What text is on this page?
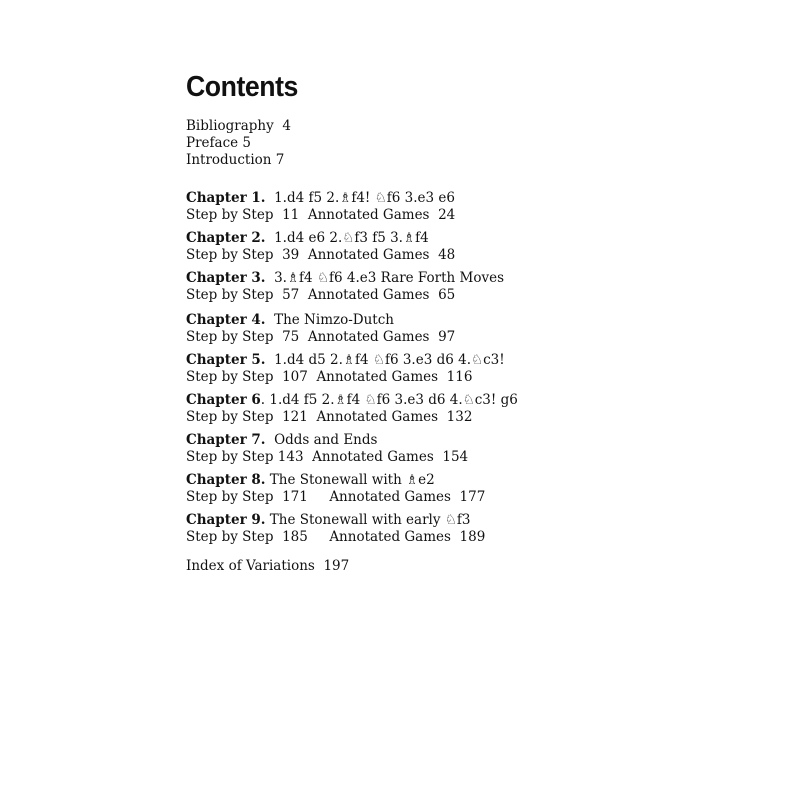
Contents
Bibliography 4
Preface 5
Introduction 7
Chapter 1. 1.d4 f5 2.♗f4! ♘f6 3.e3 e6
Step by Step 11 Annotated Games 24
Chapter 2. 1.d4 e6 2.♘f3 f5 3.♗f4
Step by Step 39 Annotated Games 48
Chapter 3. 3.♗f4 ♘f6 4.e3 Rare Forth Moves
Step by Step 57 Annotated Games 65
Chapter 4. The Nimzo-Dutch
Step by Step 75 Annotated Games 97
Chapter 5. 1.d4 d5 2.♗f4 ♘f6 3.e3 d6 4.♘c3!
Step by Step 107 Annotated Games 116
Chapter 6. 1.d4 f5 2.♗f4 ♘f6 3.e3 d6 4.♘c3! g6
Step by Step 121 Annotated Games 132
Chapter 7. Odds and Ends
Step by Step 143 Annotated Games 154
Chapter 8. The Stonewall with ♗e2
Step by Step 171 Annotated Games 177
Chapter 9. The Stonewall with early ♘f3
Step by Step 185 Annotated Games 189
Index of Variations 197
